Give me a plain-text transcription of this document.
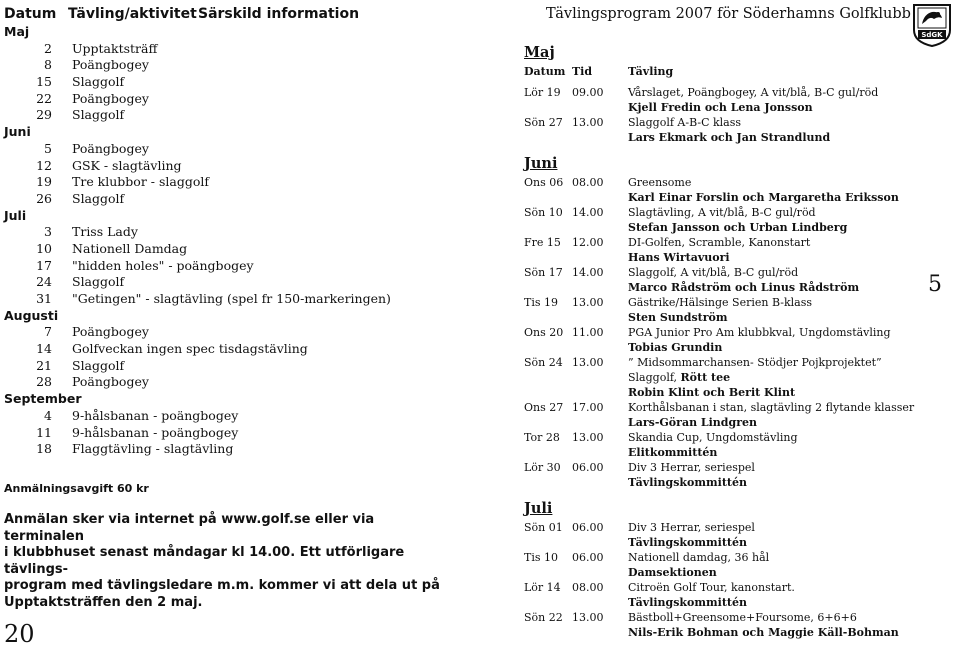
Datum Tävling/aktivitet Särskild information
Maj
2 Upptaktsträff
8 Poängbogey
15 Slaggolf
22 Poängbogey
29 Slaggolf
Juni
5 Poängbogey
12 GSK - slagtävling
19 Tre klubbor - slaggolf
26 Slaggolf
Juli
3 Triss Lady
10 Nationell Damdag
17 "hidden holes" - poängbogey
24 Slaggolf
31 "Getingen" - slagtävling (spel fr 150-markeringen)
Augusti
7 Poängbogey
14 Golfveckan ingen spec tisdagstävling
21 Slaggolf
28 Poängbogey
September
4 9-hålsbanan - poängbogey
11 9-hålsbanan - poängbogey
18 Flaggtävling - slagtävling
Anmälningsavgift 60 kr
Anmälan sker via internet på www.golf.se eller via terminalen
i klubbhuset senast måndagar kl 14.00. Ett utförligare tävlings-
program med tävlingsledare m.m. kommer vi att dela ut på
Upptaktsträffen den 2 maj.
20
Tävlingsprogram 2007 för Söderhamns Golfklubb
SdGK
Maj
Datum Tid	Tävling
Lör 19 09.00 Vårslaget, Poängbogey, A vit/blå, B-C gul/röd
Kjell Fredin och Lena Jonsson
Sön 27 13.00 Slaggolf A-B-C klass
Lars Ekmark och Jan Strandlund
Juni
Ons 06 08.00 Greensome
Karl Einar Forslin och Margaretha Eriksson
Sön 10 14.00 Slagtävling, A vit/blå, B-C gul/röd
Stefan Jansson och Urban Lindberg
Fre 15 12.00 DI-Golfen, Scramble, Kanonstart
Hans Wirtavuori
Sön 17 14.00 Slaggolf, A vit/blå, B-C gul/röd
Marco Rådström och Linus Rådström
Tis 19 13.00 Gästrike/Hälsinge Serien B-klass
Sten Sundström
Ons 20 11.00 PGA Junior Pro Am klubbkval, Ungdomstävling
Tobias Grundin
Sön 24 13.00 ” Midsommarchansen- Stödjer Pojkprojektet”
Slaggolf, Rött tee
Robin Klint och Berit Klint
Ons 27 17.00 Korthålsbanan i stan, slagtävling 2 flytande klasser
Lars-Göran Lindgren
Tor 28 13.00 Skandia Cup, Ungdomstävling
Elitkommittén
Lör 30 06.00 Div 3 Herrar, seriespel
Tävlingskommittén
Juli
Sön 01 06.00 Div 3 Herrar, seriespel
Tävlingskommittén
Tis 10 06.00 Nationell damdag, 36 hål
Damsektionen
Lör 14 08.00 Citroën Golf Tour, kanonstart.
Tävlingskommittén
Sön 22 13.00 Bästboll+Greensome+Foursome, 6+6+6
Nils-Erik Bohman och Maggie Käll-Bohman
5
